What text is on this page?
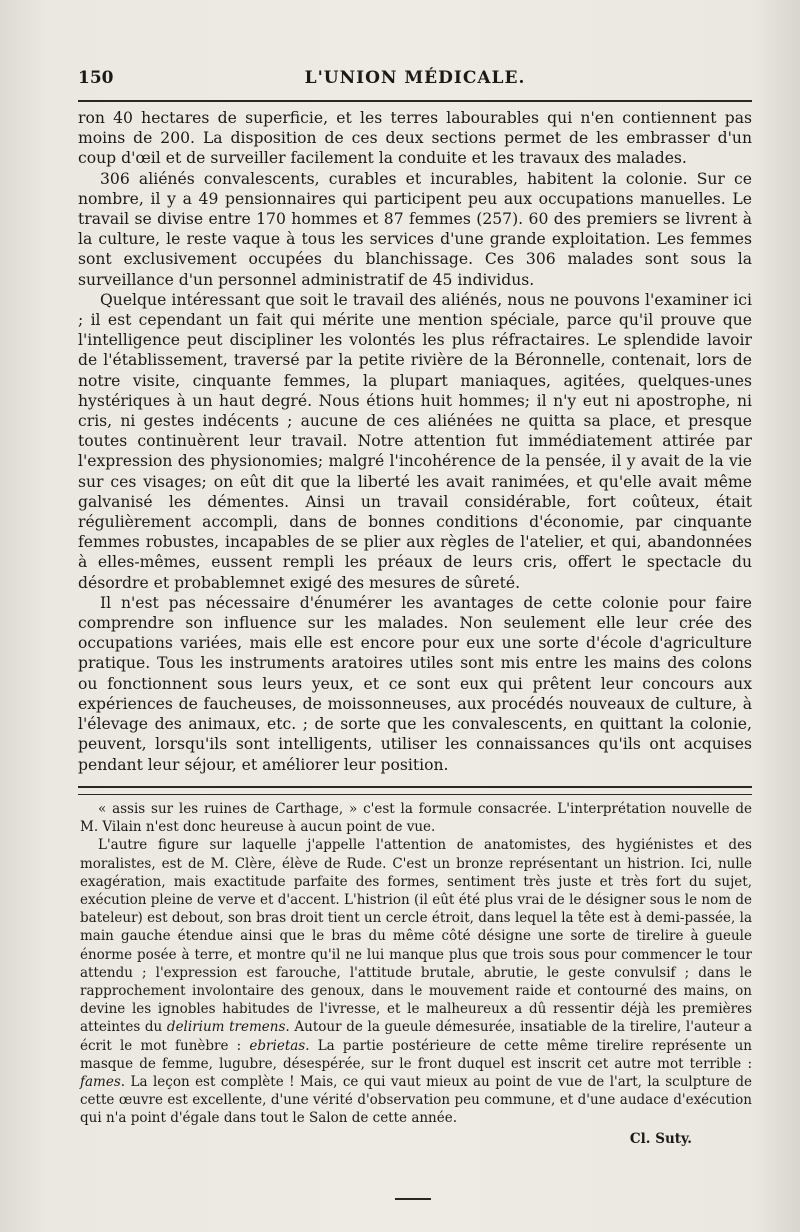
150	L'UNION MÉDICALE.

ron 40 hectares de superficie, et les terres labourables qui n'en contiennent pas moins de 200. La disposition de ces deux sections permet de les embrasser d'un coup d'œil et de surveiller facilement la conduite et les travaux des malades.

306 aliénés convalescents, curables et incurables, habitent la colonie. Sur ce nombre, il y a 49 pensionnaires qui participent peu aux occupations manuelles. Le travail se divise entre 170 hommes et 87 femmes (257). 60 des premiers se livrent à la culture, le reste vaque à tous les services d'une grande exploitation. Les femmes sont exclusivement occupées du blanchissage. Ces 306 malades sont sous la surveillance d'un personnel administratif de 45 individus.

Quelque intéressant que soit le travail des aliénés, nous ne pouvons l'examiner ici ; il est cependant un fait qui mérite une mention spéciale, parce qu'il prouve que l'intelligence peut discipliner les volontés les plus réfractaires. Le splendide lavoir de l'établissement, traversé par la petite rivière de la Béronnelle, contenait, lors de notre visite, cinquante femmes, la plupart maniaques, agitées, quelques-unes hystériques à un haut degré. Nous étions huit hommes; il n'y eut ni apostrophe, ni cris, ni gestes indécents ; aucune de ces aliénées ne quitta sa place, et presque toutes continuèrent leur travail. Notre attention fut immédiatement attirée par l'expression des physionomies; malgré l'incohérence de la pensée, il y avait de la vie sur ces visages; on eût dit que la liberté les avait ranimées, et qu'elle avait même galvanisé les démentes. Ainsi un travail considérable, fort coûteux, était régulièrement accompli, dans de bonnes conditions d'économie, par cinquante femmes robustes, incapables de se plier aux règles de l'atelier, et qui, abandonnées à elles-mêmes, eussent rempli les préaux de leurs cris, offert le spectacle du désordre et probablemnet exigé des mesures de sûreté.

Il n'est pas nécessaire d'énumérer les avantages de cette colonie pour faire comprendre son influence sur les malades. Non seulement elle leur crée des occupations variées, mais elle est encore pour eux une sorte d'école d'agriculture pratique. Tous les instruments aratoires utiles sont mis entre les mains des colons ou fonctionnent sous leurs yeux, et ce sont eux qui prêtent leur concours aux expériences de faucheuses, de moissonneuses, aux procédés nouveaux de culture, à l'élevage des animaux, etc. ; de sorte que les convalescents, en quittant la colonie, peuvent, lorsqu'ils sont intelligents, utiliser les connaissances qu'ils ont acquises pendant leur séjour, et améliorer leur position.

« assis sur les ruines de Carthage, » c'est la formule consacrée. L'interprétation nouvelle de M. Vilain n'est donc heureuse à aucun point de vue.

L'autre figure sur laquelle j'appelle l'attention de anatomistes, des hygiénistes et des moralistes, est de M. Clère, élève de Rude. C'est un bronze représentant un histrion. Ici, nulle exagération, mais exactitude parfaite des formes, sentiment très juste et très fort du sujet, exécution pleine de verve et d'accent. L'histrion (il eût été plus vrai de le désigner sous le nom de bateleur) est debout, son bras droit tient un cercle étroit, dans lequel la tête est à demi-passée, la main gauche étendue ainsi que le bras du même côté désigne une sorte de tirelire à gueule énorme posée à terre, et montre qu'il ne lui manque plus que trois sous pour commencer le tour attendu ; l'expression est farouche, l'attitude brutale, abrutie, le geste convulsif ; dans le rapprochement involontaire des genoux, dans le mouvement raide et contourné des mains, on devine les ignobles habitudes de l'ivresse, et le malheureux a dû ressentir déjà les premières atteintes du delirium tremens. Autour de la gueule démesurée, insatiable de la tirelire, l'auteur a écrit le mot funèbre : ebrietas. La partie postérieure de cette même tirelire représente un masque de femme, lugubre, désespérée, sur le front duquel est inscrit cet autre mot terrible : fames. La leçon est complète ! Mais, ce qui vaut mieux au point de vue de l'art, la sculpture de cette œuvre est excellente, d'une vérité d'observation peu commune, et d'une audace d'exécution qui n'a point d'égale dans tout le Salon de cette année.

Cl. Suty.
